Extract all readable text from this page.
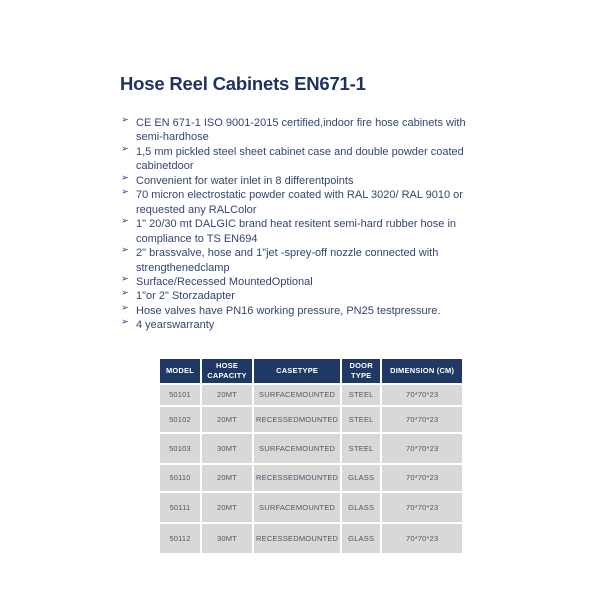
Hose Reel Cabinets EN671-1
➢ CE EN 671-1 ISO 9001-2015 certified,indoor fire hose cabinets with semi-hardhose
➢ 1,5 mm pickled steel sheet cabinet case and double powder coated cabinetdoor
➢ Convenient for water inlet in 8 differentpoints
➢ 70 micron electrostatic powder coated with RAL 3020/ RAL 9010 or requested any RALColor
➢ 1" 20/30 mt DALGIC brand heat resitent semi-hard rubber hose in compliance to TS EN694
➢ 2" brassvalve, hose and 1"jet -sprey-off nozzle connected with strengthenedclamp
➢ Surface/Recessed MountedOptional
➢ 1"or 2" Storzadapter
➢ Hose valves have PN16 working pressure, PN25 testpressure.
➢ 4 yearswarranty
MODEL	HOSE CAPACITY	CASETYPE	DOOR TYPE	DIMENSION (CM)
50101	20MT	SURFACEMOUNTED	STEEL	70*70*23
50102	20MT	RECESSEDMOUNTED	STEEL	70*70*23
50103	30MT	SURFACEMOUNTED	STEEL	70*70*23
50110	20MT	RECESSEDMOUNTED	GLASS	70*70*23
50111	20MT	SURFACEMOUNTED	GLASS	70*70*23
50112	30MT	RECESSEDMOUNTED	GLASS	70*70*23
